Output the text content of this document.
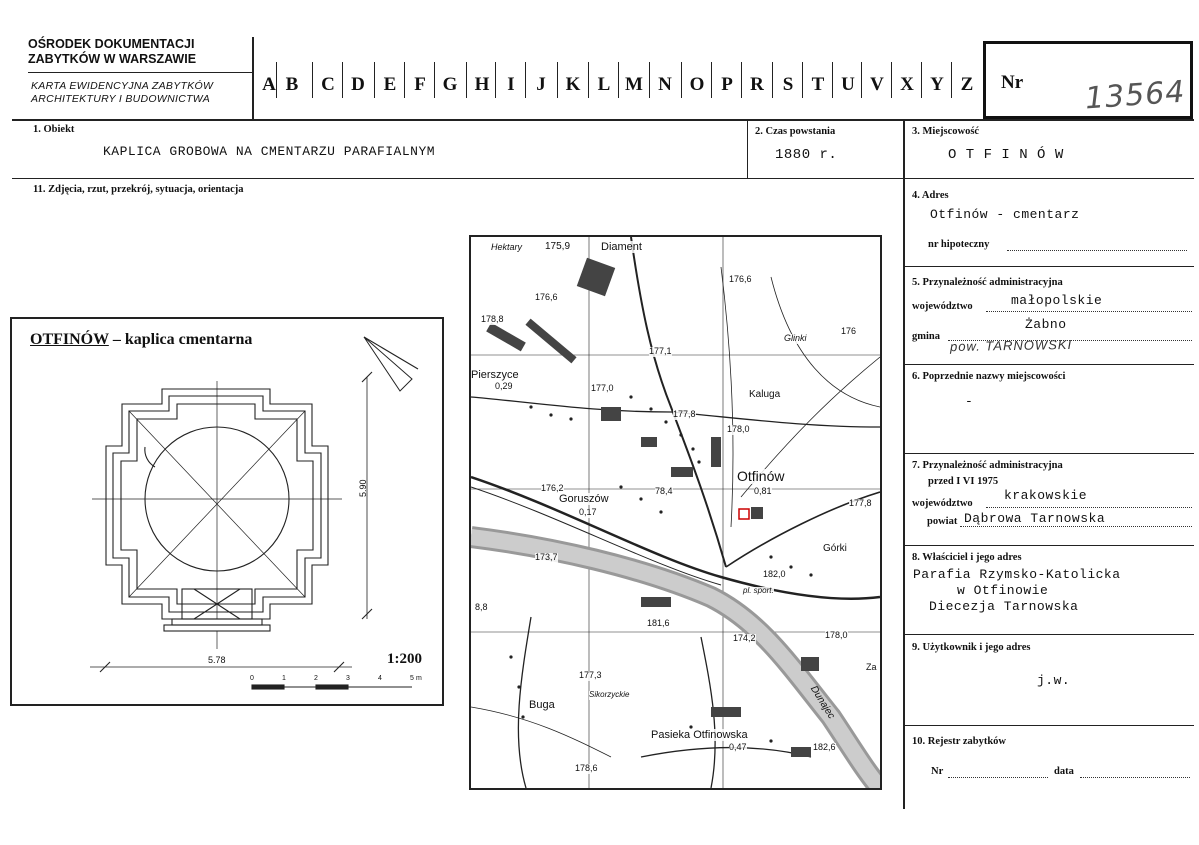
OŚRODEK DOKUMENTACJI
ZABYTKÓW W WARSZAWIE
KARTA EWIDENCYJNA ZABYTKÓW
ARCHITEKTURY I BUDOWNICTWA
A B C D E F G H I	J K L M N O P R S T U V X Y Z Nr 13564
1. Obiekt
KAPLICA GROBOWA NA CMENTARZU PARAFIALNYM
2. Czas powstania
1880 r.
3. Miejscowość
O T F I N Ó W
11. Zdjęcia, rzut, przekrój, sytuacja, orientacja
4. Adres
Otfinów - cmentarz
nr hipoteczny
5. Przynależność administracyjna
województwo	małopolskie
gmina
Żabno
pow. TARNOWSKI
6. Poprzednie nazwy miejscowości
-
7. Przynależność administracyjna
przed I VI 1975
województwo
krakowskie
powiat Dąbrowa Tarnowska
8. Właściciel i jego adres
Parafia Rzymsko-Katolicka
w Otfinowie
Diecezja Tarnowska
9. Użytkownik i jego adres
j.w.
10. Rejestr zabytków
Nr	data
OTFINÓW – kaplica cmentarna
1:200
5.90
5.78
0	1	2	3	4	5 m
Hektary 175,9	Diament
176,6
176,6
176
178,8
Glinki
177,1
Pierszyce
0,29	177,0
Kaluga
177,8
178,0
Otfinów
0,81
176,2
Goruszów
0,17
78,4
177,8
Górki
173,7
182,0
pl. sport.
8,8
181,6
174,2	178,0
Za
177,3
Sikorzyckie	Dunajec
Buga
Pasieka Otfinowska
0,47	182,6
178,6
